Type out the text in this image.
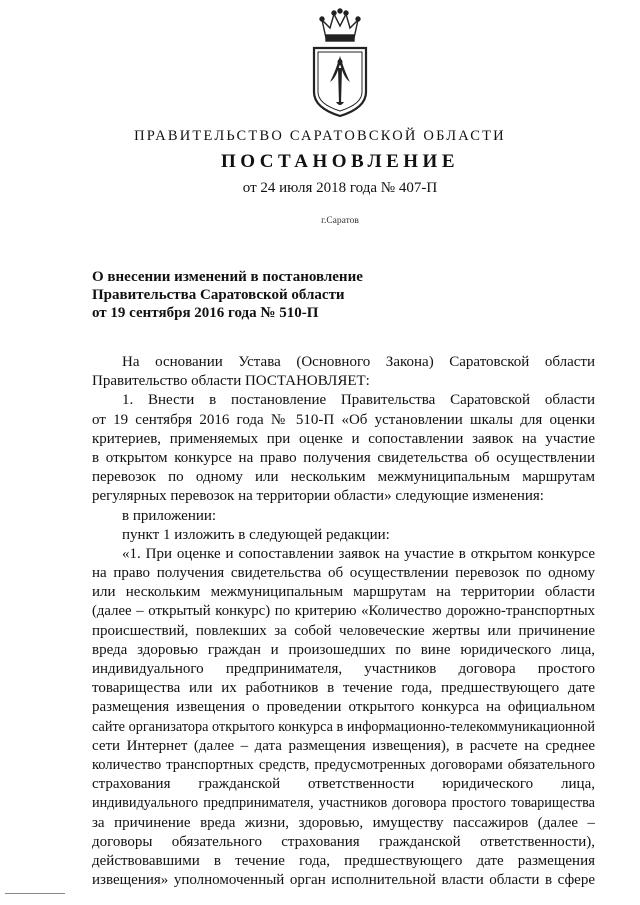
ПРАВИТЕЛЬСТВО САРАТОВСКОЙ ОБЛАСТИ
ПОСТАНОВЛЕНИЕ
от 24 июля 2018 года № 407-П
г.Саратов
О внесении изменений в постановление
Правительства Саратовской области
от 19 сентября 2016 года № 510-П
На основании Устава (Основного Закона) Саратовской области
Правительство области ПОСТАНОВЛЯЕТ:
1. Внести в постановление Правительства Саратовской области
от 19 сентября 2016 года № 510-П «Об установлении шкалы для оценки
критериев, применяемых при оценке и сопоставлении заявок на участие
в открытом конкурсе на право получения свидетельства об осуществлении
перевозок по одному или нескольким межмуниципальным маршрутам
регулярных перевозок на территории области» следующие изменения:
в приложении:
пункт 1 изложить в следующей редакции:
«1. При оценке и сопоставлении заявок на участие в открытом конкурсе
на право получения свидетельства об осуществлении перевозок по одному
или нескольким межмуниципальным маршрутам на территории области
(далее – открытый конкурс) по критерию «Количество дорожно-транспортных
происшествий, повлекших за собой человеческие жертвы или причинение
вреда здоровью граждан и произошедших по вине юридического лица,
индивидуального предпринимателя, участников договора простого
товарищества или их работников в течение года, предшествующего дате
размещения извещения о проведении открытого конкурса на официальном
сайте организатора открытого конкурса в информационно-телекоммуникационной
сети Интернет (далее – дата размещения извещения), в расчете на среднее
количество транспортных средств, предусмотренных договорами обязательного
страхования гражданской ответственности юридического лица,
индивидуального предпринимателя, участников договора простого товарищества
за причинение вреда жизни, здоровью, имуществу пассажиров (далее –
договоры обязательного страхования гражданской ответственности),
действовавшими в течение года, предшествующего дате размещения
извещения» уполномоченный орган исполнительной власти области в сфере
